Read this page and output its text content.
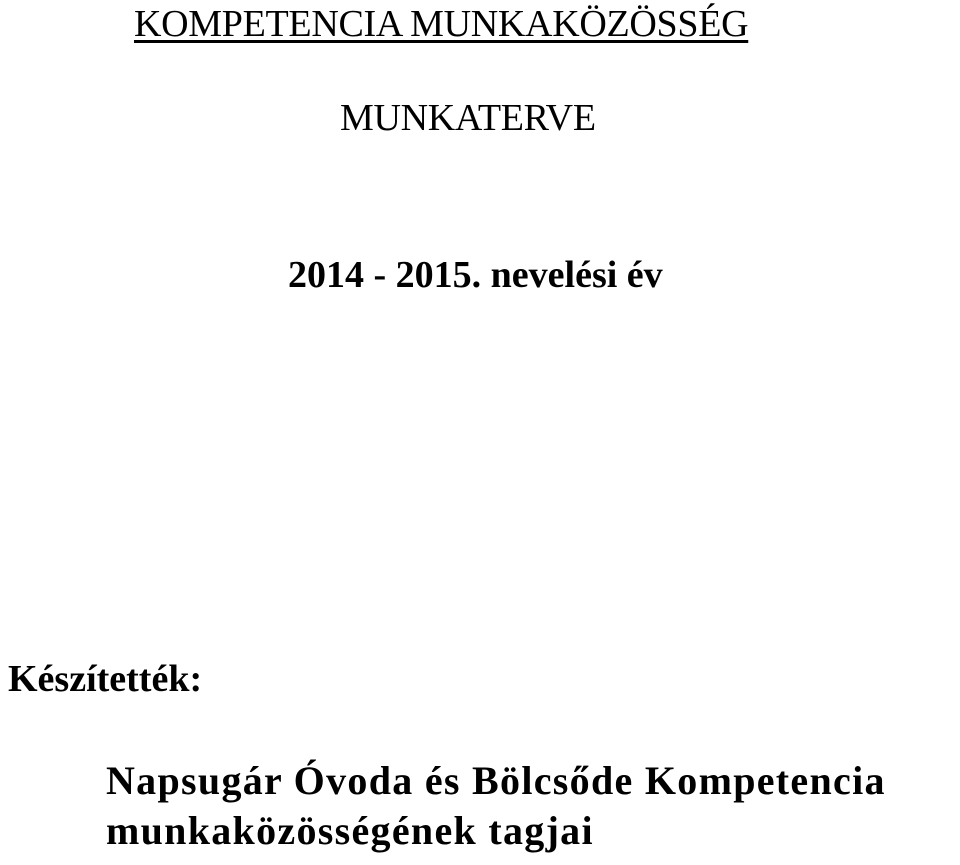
KOMPETENCIA MUNKAKÖZÖSSÉG
MUNKATERVE
2014 - 2015. nevelési év
Készítették:
Napsugár Óvoda és Bölcsőde Kompetencia
munkaközösségének tagjai
